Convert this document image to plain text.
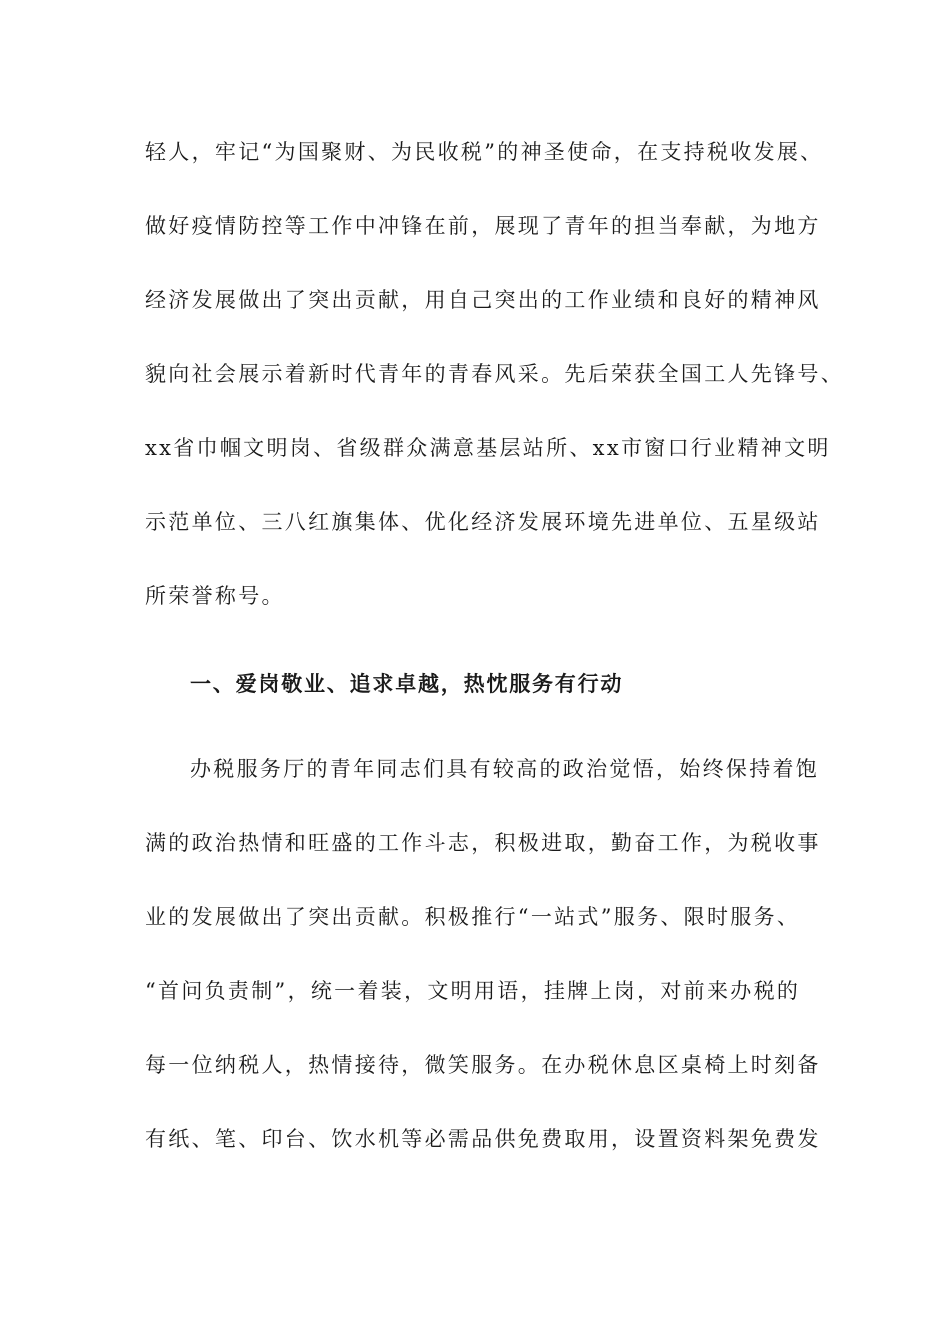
轻人，牢记“为国聚财、为民收税”的神圣使命，在支持税收发展、
做好疫情防控等工作中冲锋在前，展现了青年的担当奉献，为地方
经济发展做出了突出贡献，用自己突出的工作业绩和良好的精神风
貌向社会展示着新时代青年的青春风采。先后荣获全国工人先锋号、
xx省巾帼文明岗、省级群众满意基层站所、xx市窗口行业精神文明
示范单位、三八红旗集体、优化经济发展环境先进单位、五星级站
所荣誉称号。
一、爱岗敬业、追求卓越，热忱服务有行动
办税服务厅的青年同志们具有较高的政治觉悟，始终保持着饱
满的政治热情和旺盛的工作斗志，积极进取，勤奋工作，为税收事
业的发展做出了突出贡献。积极推行“一站式”服务、限时服务、
“首问负责制”，统一着装，文明用语，挂牌上岗，对前来办税的
每一位纳税人，热情接待，微笑服务。在办税休息区桌椅上时刻备
有纸、笔、印台、饮水机等必需品供免费取用，设置资料架免费发
